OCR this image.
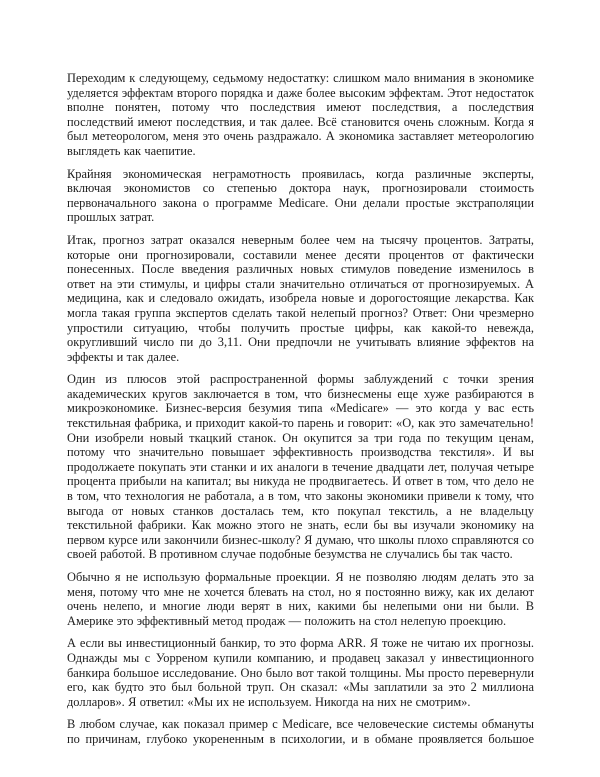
Переходим к следующему, седьмому недостатку: слишком мало внимания в экономике уделяется эффектам второго порядка и даже более высоким эффектам. Этот недостаток вполне понятен, потому что последствия имеют последствия, а последствия последствий имеют последствия, и так далее. Всё становится очень сложным. Когда я был метеорологом, меня это очень раздражало. А экономика заставляет метеорологию выглядеть как чаепитие.

Крайняя экономическая неграмотность проявилась, когда различные эксперты, включая экономистов со степенью доктора наук, прогнозировали стоимость первоначального закона о программе Medicare. Они делали простые экстраполяции прошлых затрат.

Итак, прогноз затрат оказался неверным более чем на тысячу процентов. Затраты, которые они прогнозировали, составили менее десяти процентов от фактически понесенных. После введения различных новых стимулов поведение изменилось в ответ на эти стимулы, и цифры стали значительно отличаться от прогнозируемых. А медицина, как и следовало ожидать, изобрела новые и дорогостоящие лекарства. Как могла такая группа экспертов сделать такой нелепый прогноз? Ответ: Они чрезмерно упростили ситуацию, чтобы получить простые цифры, как какой-то невежда, округливший число пи до 3,11. Они предпочли не учитывать влияние эффектов на эффекты и так далее.

Один из плюсов этой распространенной формы заблуждений с точки зрения академических кругов заключается в том, что бизнесмены еще хуже разбираются в микроэкономике. Бизнес-версия безумия типа «Medicare» — это когда у вас есть текстильная фабрика, и приходит какой-то парень и говорит: «О, как это замечательно! Они изобрели новый ткацкий станок. Он окупится за три года по текущим ценам, потому что значительно повышает эффективность производства текстиля». И вы продолжаете покупать эти станки и их аналоги в течение двадцати лет, получая четыре процента прибыли на капитал; вы никуда не продвигаетесь. И ответ в том, что дело не в том, что технология не работала, а в том, что законы экономики привели к тому, что выгода от новых станков досталась тем, кто покупал текстиль, а не владельцу текстильной фабрики. Как можно этого не знать, если бы вы изучали экономику на первом курсе или закончили бизнес-школу? Я думаю, что школы плохо справляются со своей работой. В противном случае подобные безумства не случались бы так часто.

Обычно я не использую формальные проекции. Я не позволяю людям делать это за меня, потому что мне не хочется блевать на стол, но я постоянно вижу, как их делают очень нелепо, и многие люди верят в них, какими бы нелепыми они ни были. В Америке это эффективный метод продаж — положить на стол нелепую проекцию.

А если вы инвестиционный банкир, то это форма ARR. Я тоже не читаю их прогнозы. Однажды мы с Уорреном купили компанию, и продавец заказал у инвестиционного банкира большое исследование. Оно было вот такой толщины. Мы просто перевернули его, как будто это был больной труп. Он сказал: «Мы заплатили за это 2 миллиона долларов». Я ответил: «Мы их не используем. Никогда на них не смотрим».

В любом случае, как показал пример с Medicare, все человеческие системы обмануты по причинам, глубоко укорененным в психологии, и в обмане проявляется большое
